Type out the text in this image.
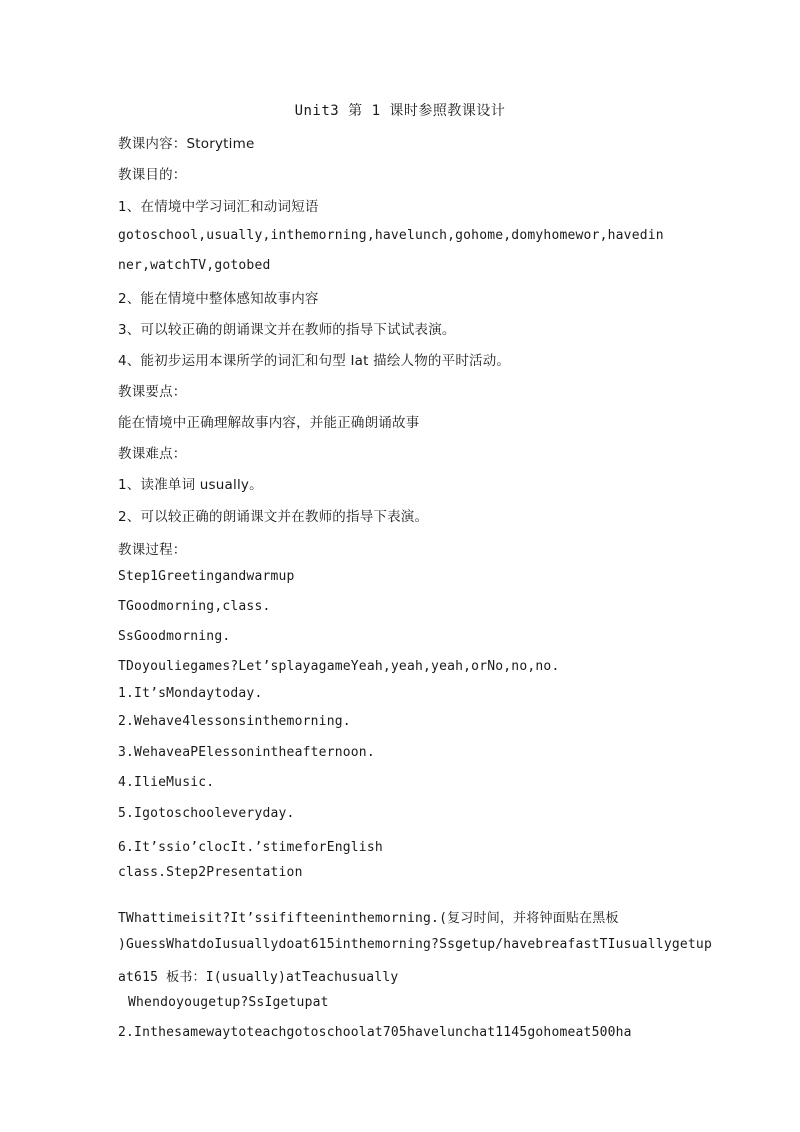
Unit3 第 1 课时参照教课设计
教课内容：Storytime
教课目的：
1、在情境中学习词汇和动词短语
gotoschool,usually,inthemorning,havelunch,gohome,domyhomewor,havedin
ner,watchTV,gotobed
2、能在情境中整体感知故事内容
3、可以较正确的朗诵课文并在教师的指导下试试表演。
4、能初步运用本课所学的词汇和句型 Iat 描绘人物的平时活动。
教课要点：
能在情境中正确理解故事内容，并能正确朗诵故事
教课难点：
1、读准单词 usually。
2、可以较正确的朗诵课文并在教师的指导下表演。
教课过程：
Step1Greetingandwarmup
TGoodmorning,class.
SsGoodmorning.
TDoyouliegames?Let’splayagameYeah,yeah,yeah,orNo,no,no.
1.It’sMondaytoday.
2.Wehave4lessonsinthemorning.
3.WehaveaPElessonintheafternoon.
4.IlieMusic.
5.Igotoschooleveryday.
6.It’ssio’clocIt.’stimeforEnglish
class.Step2Presentation
TWhattimeisit?It’ssififteeninthemorning.(复习时间，并将钟面贴在黑板
)GuessWhatdoIusuallydoat615inthemorning?Ssgetup/havebreafastTIusuallygetup
at615 板书：I(usually)atTeachusually
Whendoyougetup?SsIgetupat
2.Inthesamewaytoteachgotoschoolat705havelunchat1145gohomeat500ha
